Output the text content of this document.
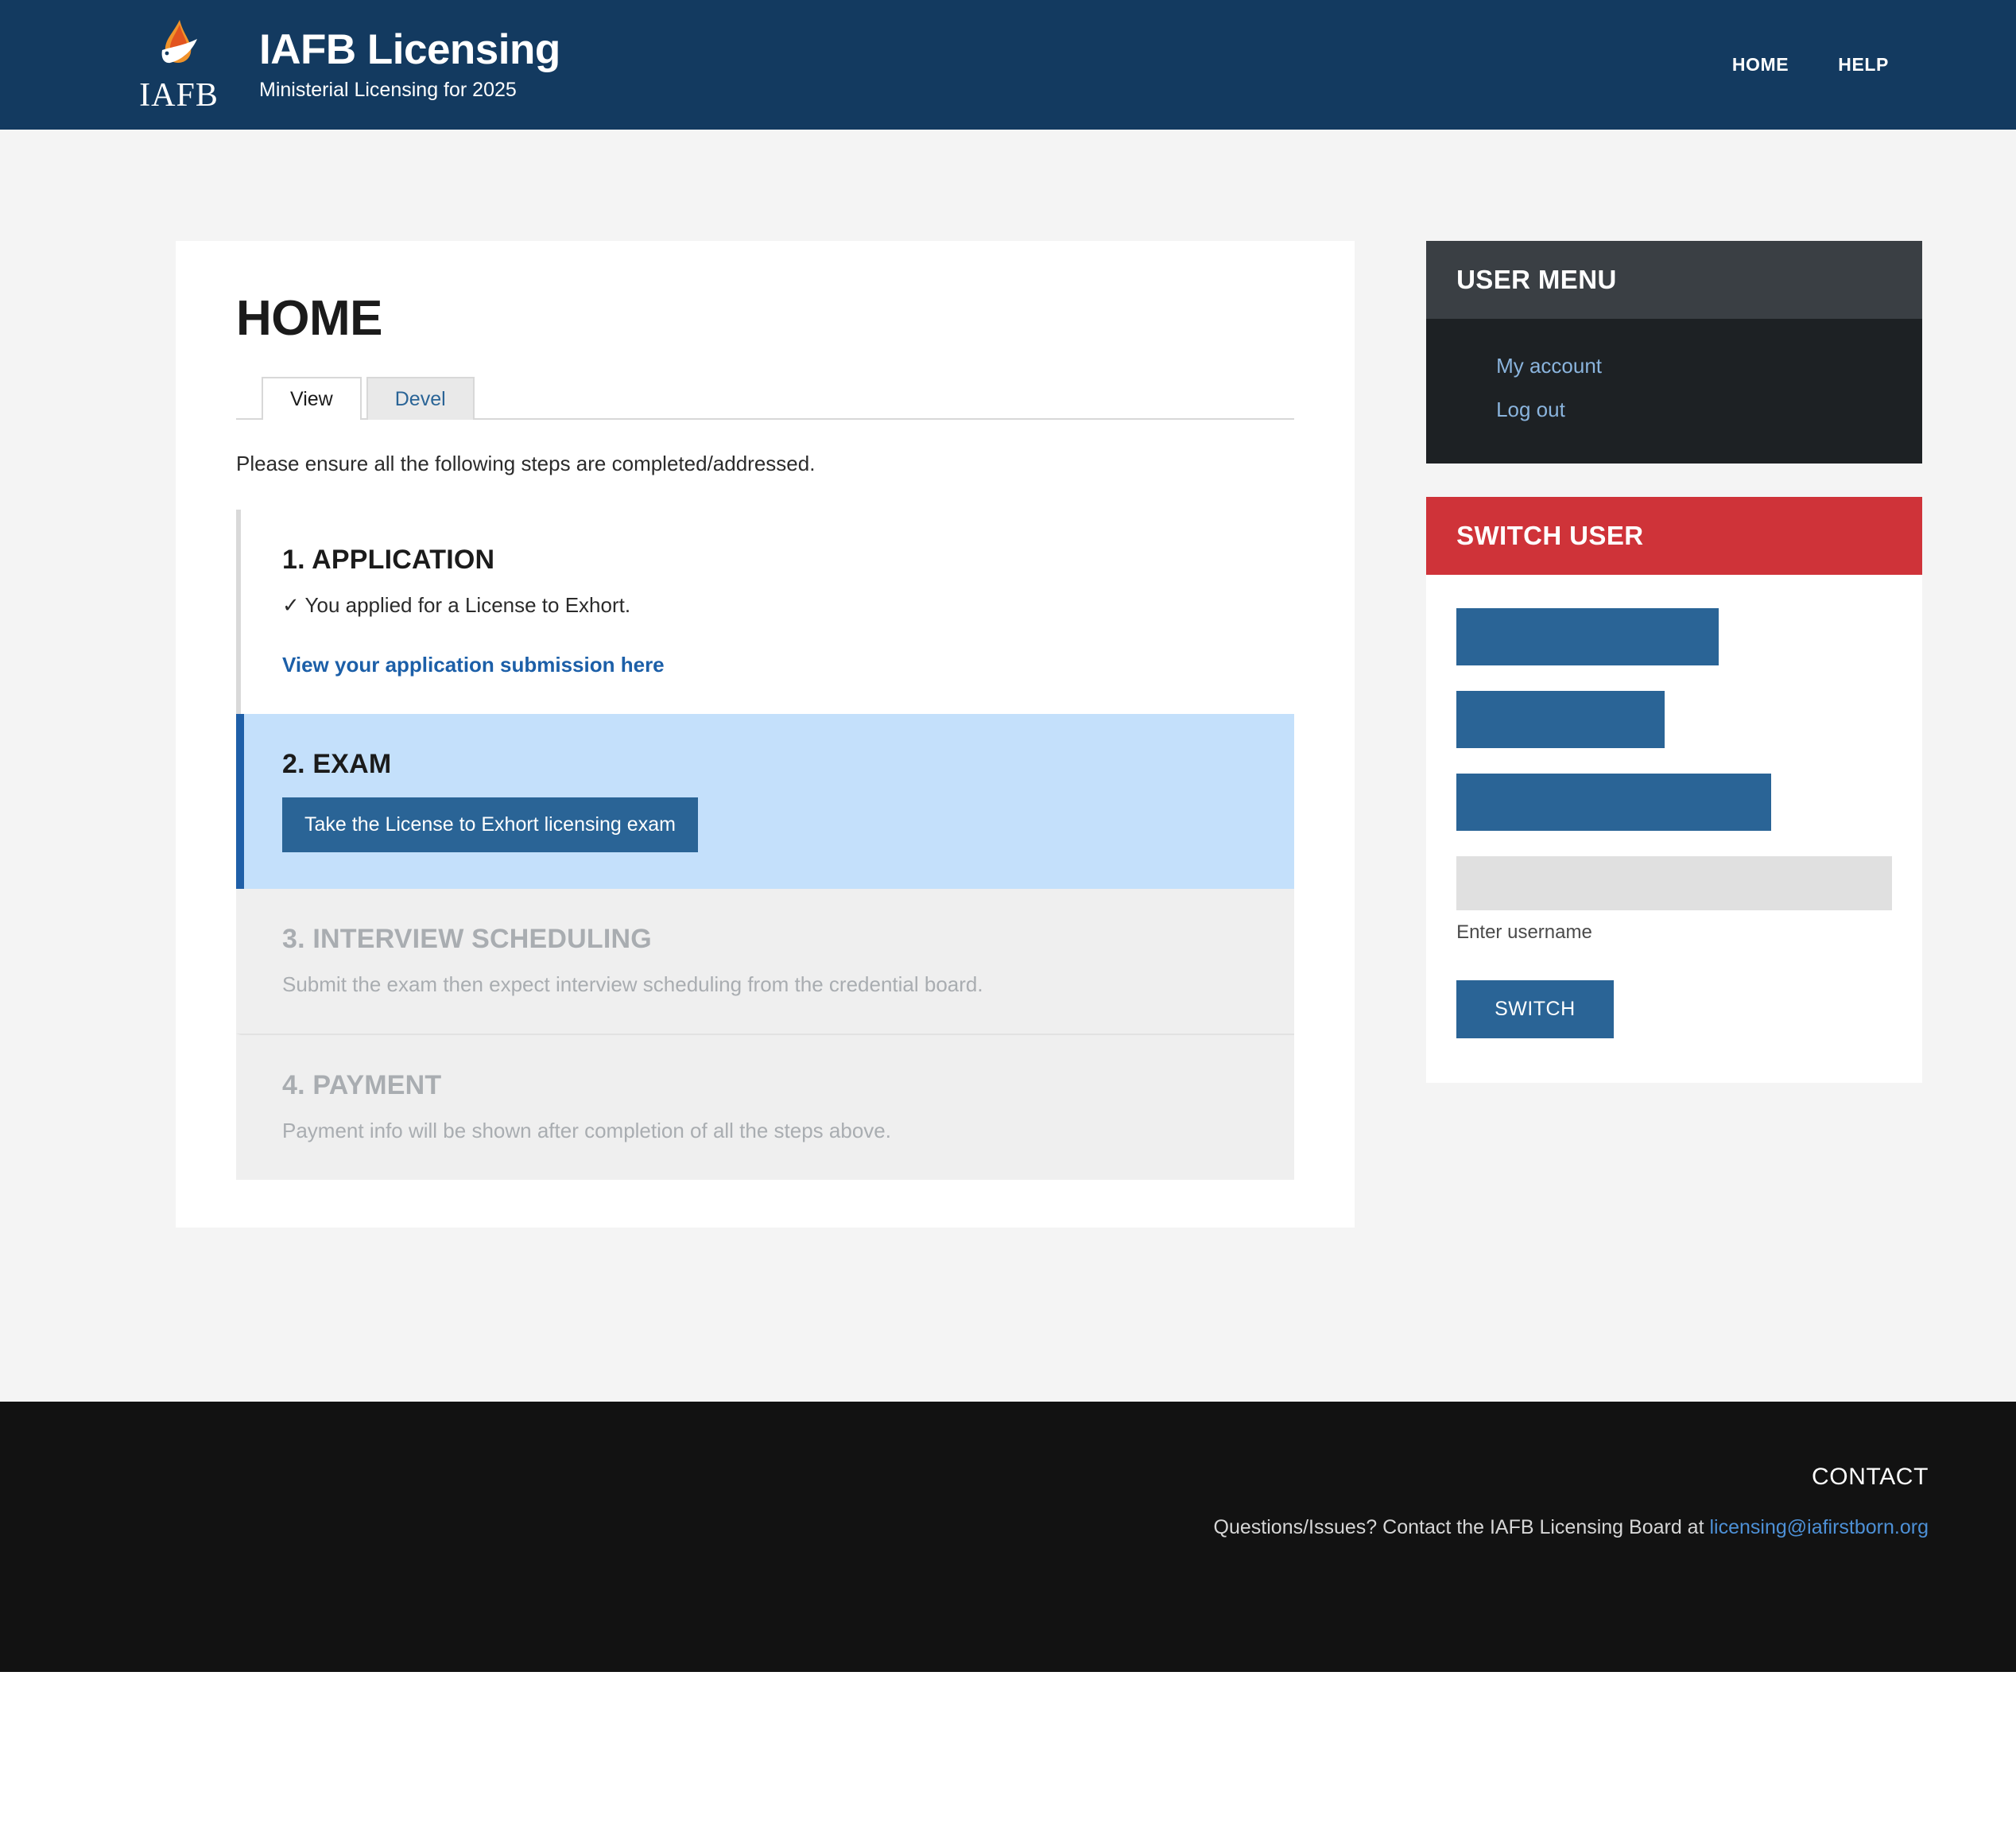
IAFB
IAFB Licensing
Ministerial Licensing for 2025
HOME	HELP
HOME
View	Devel

Please ensure all the following steps are completed/addressed.

1. APPLICATION

✓ You applied for a License to Exhort.

View your application submission here
2. EXAM
Take the License to Exhort licensing exam
3. INTERVIEW SCHEDULING

Submit the exam then expect interview scheduling from the credential board.

4. PAYMENT

Payment info will be shown after completion of all the steps above.

USER MENU
My account
Log out
SWITCH USER
Enter username
SWITCH
CONTACT
Questions/Issues? Contact the IAFB Licensing Board at licensing@iafirstborn.org
